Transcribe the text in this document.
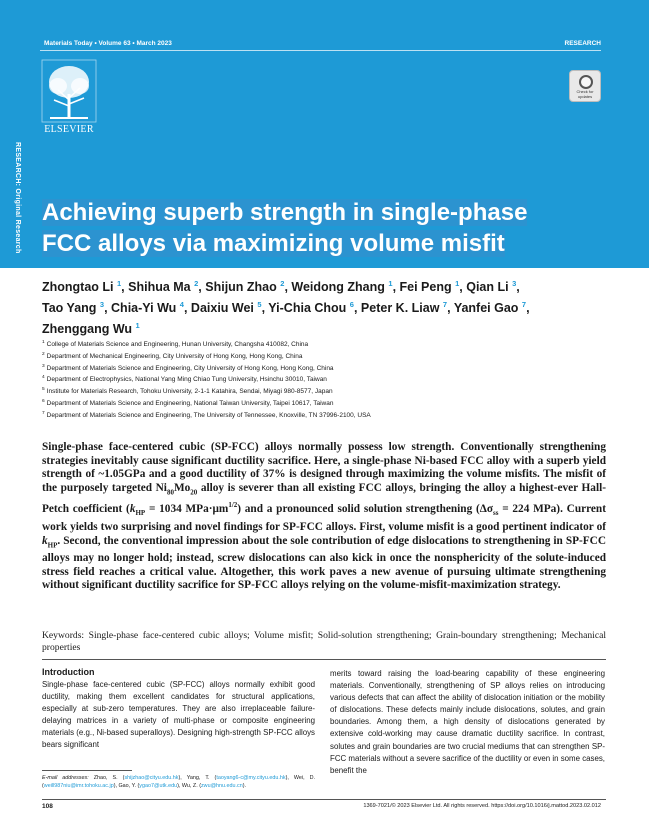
Materials Today • Volume 63 • March 2023	RESEARCH
ELSEVIER
Check for updates
RESEARCH: Original Research Achieving superb strength in single-phase
FCC alloys via maximizing volume misfit
Zhongtao Li $^1$, Shihua Ma $^2$, Shijun Zhao $^2$, Weidong Zhang $^1$, Fei Peng $^1$, Qian Li $^3$,
Tao Yang $^3$, Chia-Yi Wu $^4$, Daixiu Wei $^5$, Yi-Chia Chou $^6$, Peter K. Liaw $^7$, Yanfei Gao $^7$,
Zhenggang Wu $^1$
$^1$ College of Materials Science and Engineering, Hunan University, Changsha 410082, China
$^2$ Department of Mechanical Engineering, City University of Hong Kong, Hong Kong, China
$^3$ Department of Materials Science and Engineering, City University of Hong Kong, Hong Kong, China
$^4$ Department of Electrophysics, National Yang Ming Chiao Tung University, Hsinchu 30010, Taiwan
$^5$ Institute for Materials Research, Tohoku University, 2-1-1 Katahira, Sendai, Miyagi 980-8577, Japan
$^6$ Department of Materials Science and Engineering, National Taiwan University, Taipei 10617, Taiwan
$^7$ Department of Materials Science and Engineering, The University of Tennessee, Knoxville, TN 37996-2100, USA
Single-phase face-centered cubic (SP-FCC) alloys normally possess low strength. Conventionally strengthening strategies inevitably cause significant ductility sacrifice. Here, a single-phase Ni-based FCC alloy with a superb yield strength of ~1.05GPa and a good ductility of 37% is designed through maximizing the volume misfits. The misfit of the purposely targeted $Ni_{80}Mo_{20}$ alloy is severer than all existing FCC alloys, bringing the alloy a highest-ever Hall-Petch coefficient ($k_{HP} = 1034$ $MPa\cdot\mu m^{1/2}$) and a pronounced solid solution strengthening ($\Delta\sigma_{ss} = 224$ MPa). Current work yields two surprising and novel findings for SP-FCC alloys. First, volume misfit is a good pertinent indicator of $k_{HP}$. Second, the conventional impression about the sole contribution of edge dislocations to strengthening in SP-FCC alloys may no longer hold; instead, screw dislocations can also kick in once the nonsphericity of the solute-induced stress field reaches a critical value. Altogether, this work paves a new avenue of pursuing ultimate strengthening without significant ductility sacrifice for SP-FCC alloys relying on the volume-misfit-maximization strategy.
Keywords: Single-phase face-centered cubic alloys; Volume misfit; Solid-solution strengthening; Grain-boundary strengthening; Mechanical properties
Introduction
Single-phase face-centered cubic (SP-FCC) alloys normally exhibit good ductility, making them excellent candidates for structural applications, especially at sub-zero temperatures. They are also irreplaceable failure-delaying matrices in a variety of multi-phase or composite engineering materials (e.g., Ni-based superalloys). Designing high-strength SP-FCC alloys bears significant
merits toward raising the load-bearing capability of these engineering materials. Conventionally, strengthening of SP alloys relies on introducing various defects that can affect the ability of dislocation initiation or the mobility of dislocations. These defects mainly include dislocations, solutes, and grain boundaries. Among them, a high density of dislocations generated by extensive cold-working may cause dramatic ductility sacrifice. In contrast, solutes and grain boundaries are two crucial mediums that can strengthen SP-FCC materials without a severe sacrifice of the ductility or even in some cases, benefit the
E-mail addresses: Zhao, S. (shijzhao@cityu.edu.hk), Yang, T. (taoyang6-c@my.cityu.edu.hk), Wei, D. (weill987niu@imr.tohoku.ac.jp), Gao, Y. (ygao7@utk.edu), Wu, Z. (zwu@hnu.edu.cn).
108	1369-7021/© 2023 Elsevier Ltd. All rights reserved. https://doi.org/10.1016/j.mattod.2023.02.012
